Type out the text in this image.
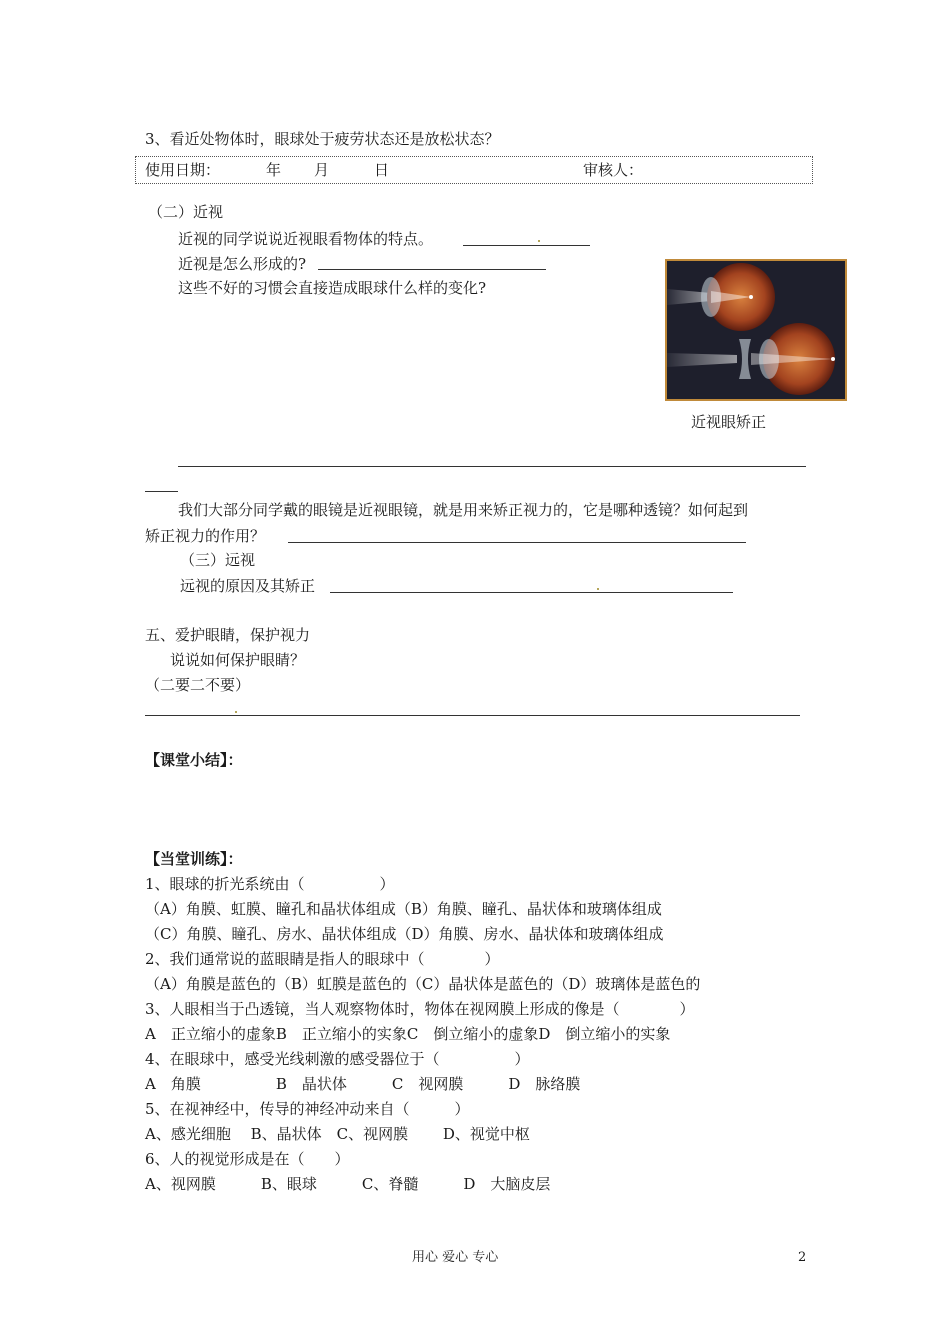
3、看近处物体时，眼球处于疲劳状态还是放松状态？
使用日期：	年 月	日	审核人：
（二）近视
近视的同学说说近视眼看物体的特点。
近视是怎么形成的?
这些不好的习惯会直接造成眼球什么样的变化?
近视眼矫正
我们大部分同学戴的眼镜是近视眼镜，就是用来矫正视力的，它是哪种透镜？如何起到
矫正视力的作用？
（三）远视
远视的原因及其矫正
五、爱护眼睛，保护视力
说说如何保护眼睛？
（二要二不要）
【课堂小结】：
【当堂训练】：
1、眼球的折光系统由（　　　　　）
（A）角膜、虹膜、瞳孔和晶状体组成（B）角膜、瞳孔、晶状体和玻璃体组成
（C）角膜、瞳孔、房水、晶状体组成（D）角膜、房水、晶状体和玻璃体组成
2、我们通常说的蓝眼睛是指人的眼球中（　　　　）
（A）角膜是蓝色的（B）虹膜是蓝色的（C）晶状体是蓝色的（D）玻璃体是蓝色的
3、人眼相当于凸透镜，当人观察物体时，物体在视网膜上形成的像是（　　　　）
A　正立缩小的虚象B　正立缩小的实象C　倒立缩小的虚象D　倒立缩小的实象
4、在眼球中，感受光线刺激的感受器位于（　　　　　）
A　角膜　　　　　B　晶状体　　　C　视网膜　　　D　脉络膜
5、在视神经中，传导的神经冲动来自（　　　）
A、感光细胞　 B、晶状体　C、视网膜　　 D、视觉中枢
6、人的视觉形成是在（　　）
A、视网膜　　　B、眼球　　　C、脊髓　　　D　大脑皮层
用心 爱心 专心	2
